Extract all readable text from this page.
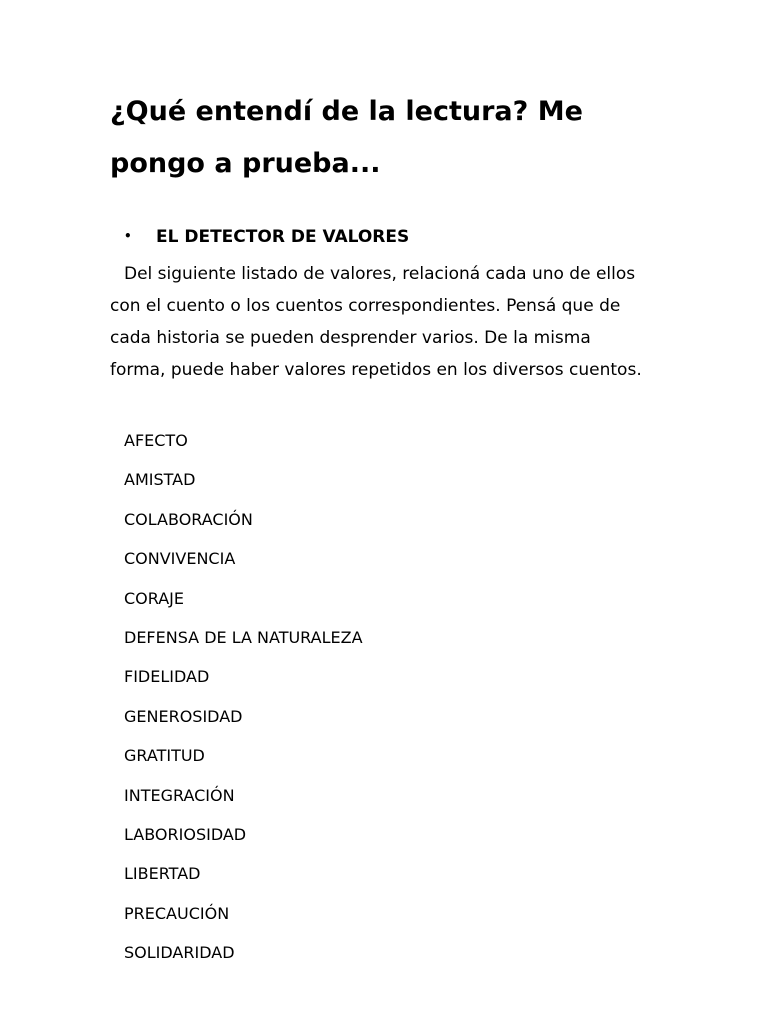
¿Qué entendí de la lectura? Me pongo a prueba...
• EL DETECTOR DE VALORES

Del siguiente listado de valores, relacioná cada uno de ellos con el cuento o los cuentos correspondientes. Pensá que de cada historia se pueden desprender varios. De la misma forma, puede haber valores repetidos en los diversos cuentos.

AFECTO
AMISTAD
COLABORACIÓN
CONVIVENCIA
CORAJE
DEFENSA DE LA NATURALEZA
FIDELIDAD
GENEROSIDAD
GRATITUD
INTEGRACIÓN
LABORIOSIDAD
LIBERTAD
PRECAUCIÓN
SOLIDARIDAD
